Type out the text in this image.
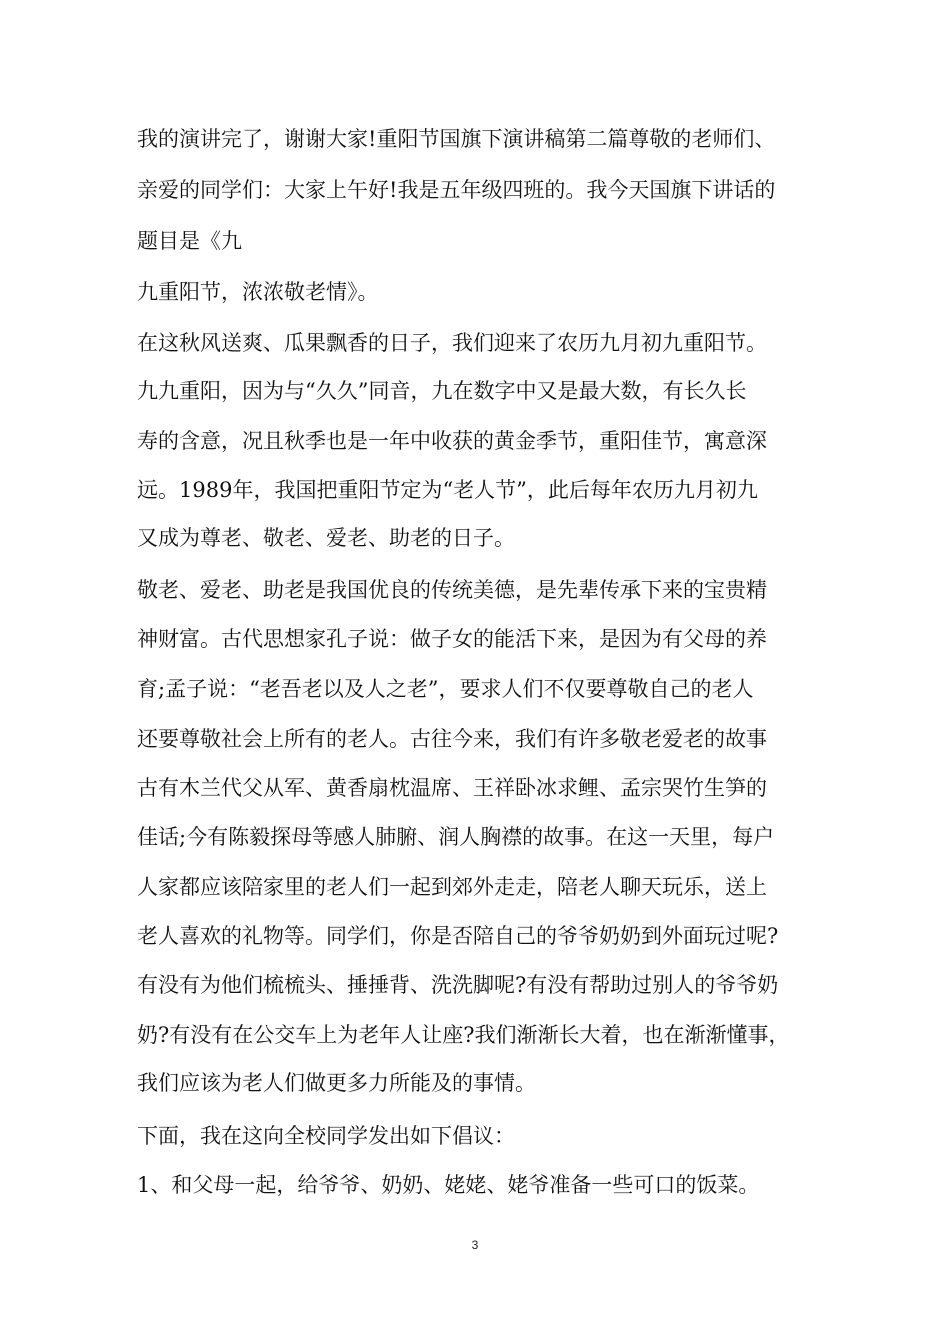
我的演讲完了，谢谢大家!重阳节国旗下演讲稿第二篇尊敬的老师们、
亲爱的同学们：大家上午好!我是五年级四班的。我今天国旗下讲话的
题目是《九
九重阳节，浓浓敬老情》。
在这秋风送爽、瓜果飘香的日子，我们迎来了农历九月初九重阳节。
九九重阳，因为与“久久”同音，九在数字中又是最大数，有长久长
寿的含意，况且秋季也是一年中收获的黄金季节，重阳佳节，寓意深
远。1989年，我国把重阳节定为“老人节”，此后每年农历九月初九
又成为尊老、敬老、爱老、助老的日子。
敬老、爱老、助老是我国优良的传统美德，是先辈传承下来的宝贵精
神财富。古代思想家孔子说：做子女的能活下来，是因为有父母的养
育;孟子说：“老吾老以及人之老”，要求人们不仅要尊敬自己的老人
还要尊敬社会上所有的老人。古往今来，我们有许多敬老爱老的故事
古有木兰代父从军、黄香扇枕温席、王祥卧冰求鲤、孟宗哭竹生笋的
佳话;今有陈毅探母等感人肺腑、润人胸襟的故事。在这一天里，每户
人家都应该陪家里的老人们一起到郊外走走，陪老人聊天玩乐，送上
老人喜欢的礼物等。同学们，你是否陪自己的爷爷奶奶到外面玩过呢?
有没有为他们梳梳头、捶捶背、洗洗脚呢?有没有帮助过别人的爷爷奶
奶?有没有在公交车上为老年人让座?我们渐渐长大着，也在渐渐懂事，
我们应该为老人们做更多力所能及的事情。
下面，我在这向全校同学发出如下倡议：
1、和父母一起，给爷爷、奶奶、姥姥、姥爷准备一些可口的饭菜。
3
